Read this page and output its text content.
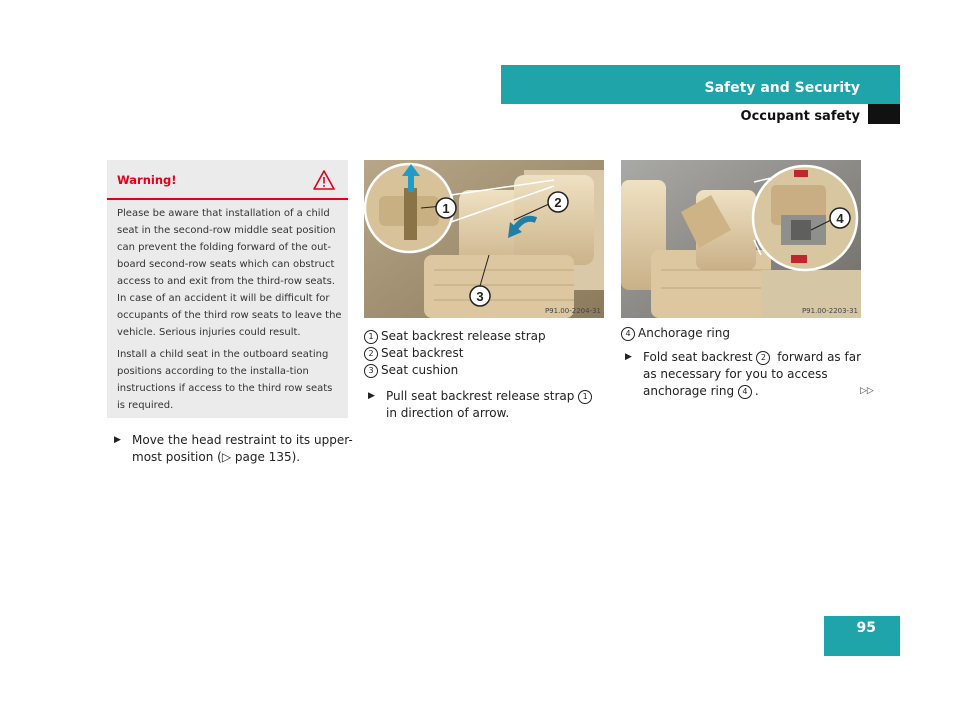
Safety and Security
Occupant safety
Warning!

Please be aware that installation of a child seat in the second-row middle seat position can prevent the folding forward of the out-board second-row seats which can obstruct access to and exit from the third-row seats. In case of an accident it will be difficult for occupants of the third row seats to leave the vehicle. Serious injuries could result.

Install a child seat in the outboard seating positions according to the installa-tion instructions if access to the third row seats is required.

▶ Move the head restraint to its upper-most position (▷ page 135).
1	2
3
P91.00-2204-31
4
P91.00-2203-31
1 Seat backrest release strap
2 Seat backrest
3 Seat cushion
▶ Pull seat backrest release strap 1 in direction of arrow.
4 Anchorage ring
▶ Fold seat backrest 2 forward as far as necessary for you to access anchorage ring 4 .	▷▷
95
